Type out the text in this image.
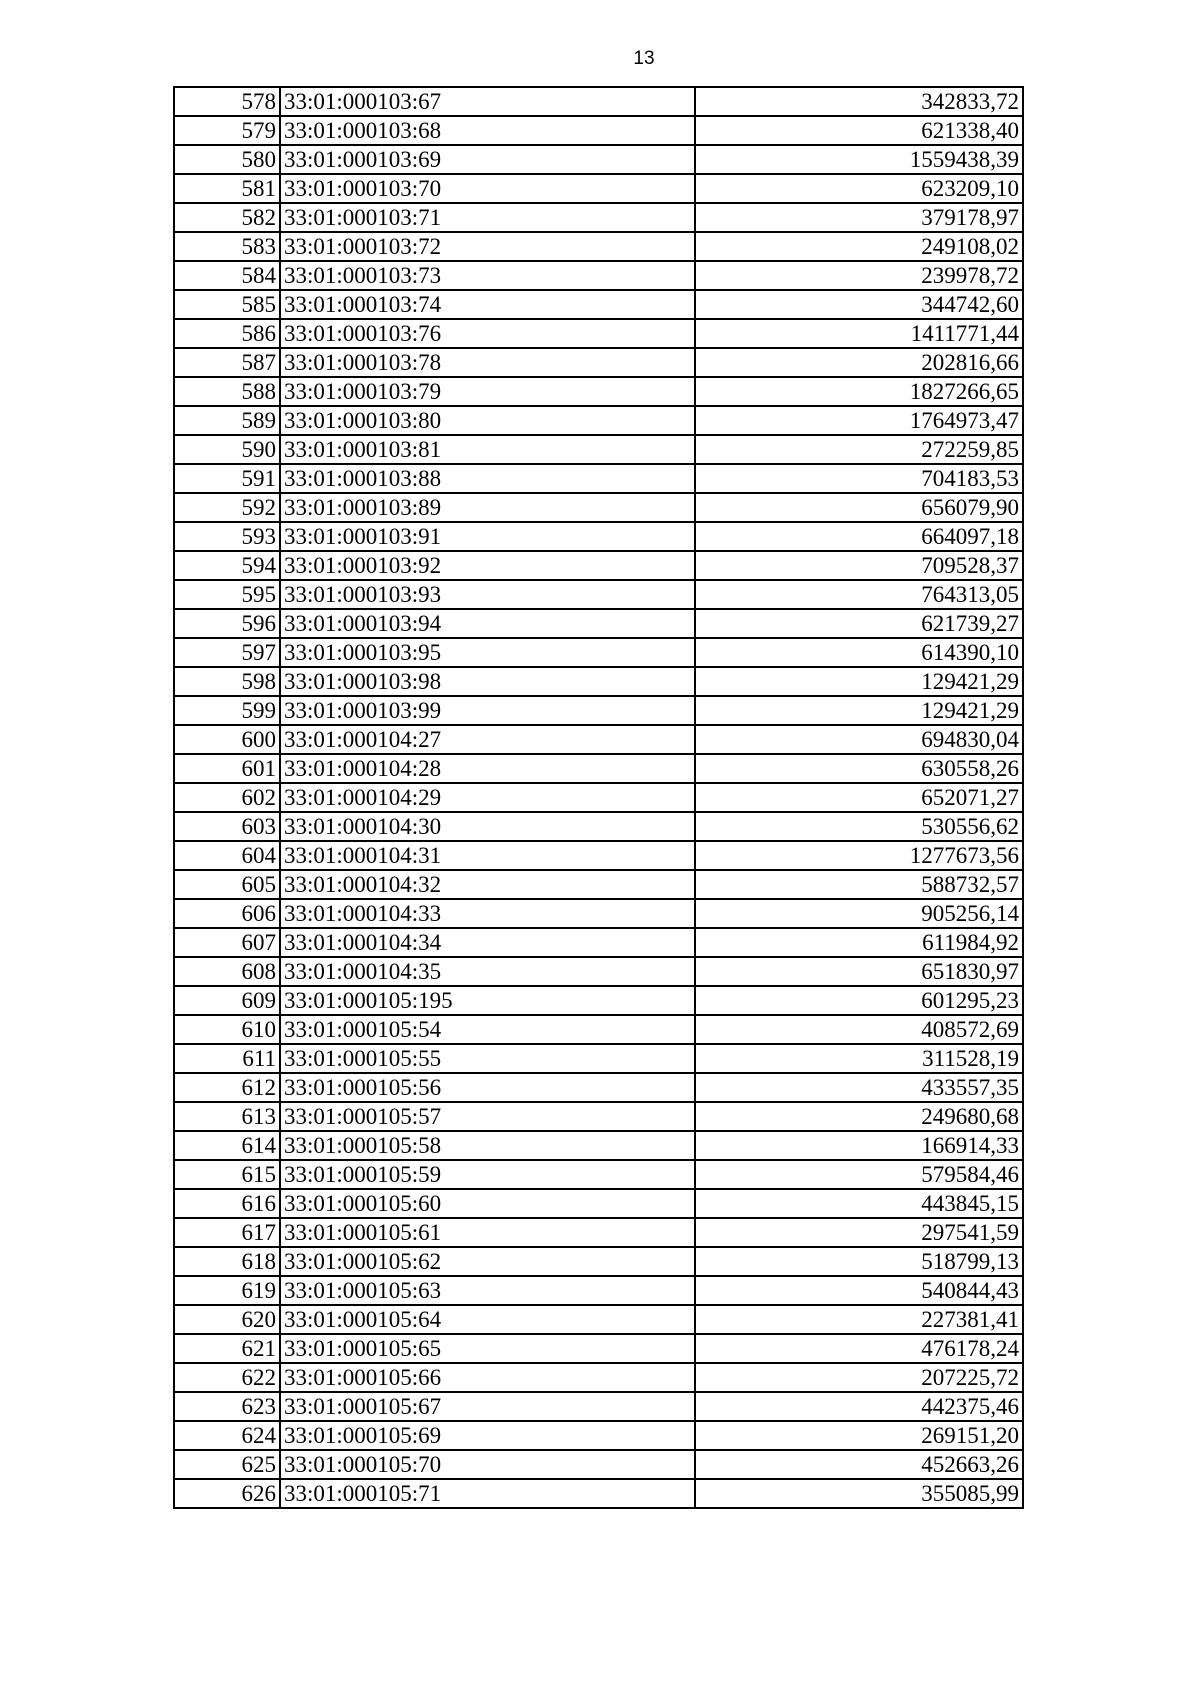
13
578	33:01:000103:67	342833,72
579	33:01:000103:68	621338,40
580	33:01:000103:69	1559438,39
581	33:01:000103:70	623209,10
582	33:01:000103:71	379178,97
583	33:01:000103:72	249108,02
584	33:01:000103:73	239978,72
585	33:01:000103:74	344742,60
586	33:01:000103:76	1411771,44
587	33:01:000103:78	202816,66
588	33:01:000103:79	1827266,65
589	33:01:000103:80	1764973,47
590	33:01:000103:81	272259,85
591	33:01:000103:88	704183,53
592	33:01:000103:89	656079,90
593	33:01:000103:91	664097,18
594	33:01:000103:92	709528,37
595	33:01:000103:93	764313,05
596	33:01:000103:94	621739,27
597	33:01:000103:95	614390,10
598	33:01:000103:98	129421,29
599	33:01:000103:99	129421,29
600	33:01:000104:27	694830,04
601	33:01:000104:28	630558,26
602	33:01:000104:29	652071,27
603	33:01:000104:30	530556,62
604	33:01:000104:31	1277673,56
605	33:01:000104:32	588732,57
606	33:01:000104:33	905256,14
607	33:01:000104:34	611984,92
608	33:01:000104:35	651830,97
609	33:01:000105:195	601295,23
610	33:01:000105:54	408572,69
611	33:01:000105:55	311528,19
612	33:01:000105:56	433557,35
613	33:01:000105:57	249680,68
614	33:01:000105:58	166914,33
615	33:01:000105:59	579584,46
616	33:01:000105:60	443845,15
617	33:01:000105:61	297541,59
618	33:01:000105:62	518799,13
619	33:01:000105:63	540844,43
620	33:01:000105:64	227381,41
621	33:01:000105:65	476178,24
622	33:01:000105:66	207225,72
623	33:01:000105:67	442375,46
624	33:01:000105:69	269151,20
625	33:01:000105:70	452663,26
626	33:01:000105:71	355085,99
